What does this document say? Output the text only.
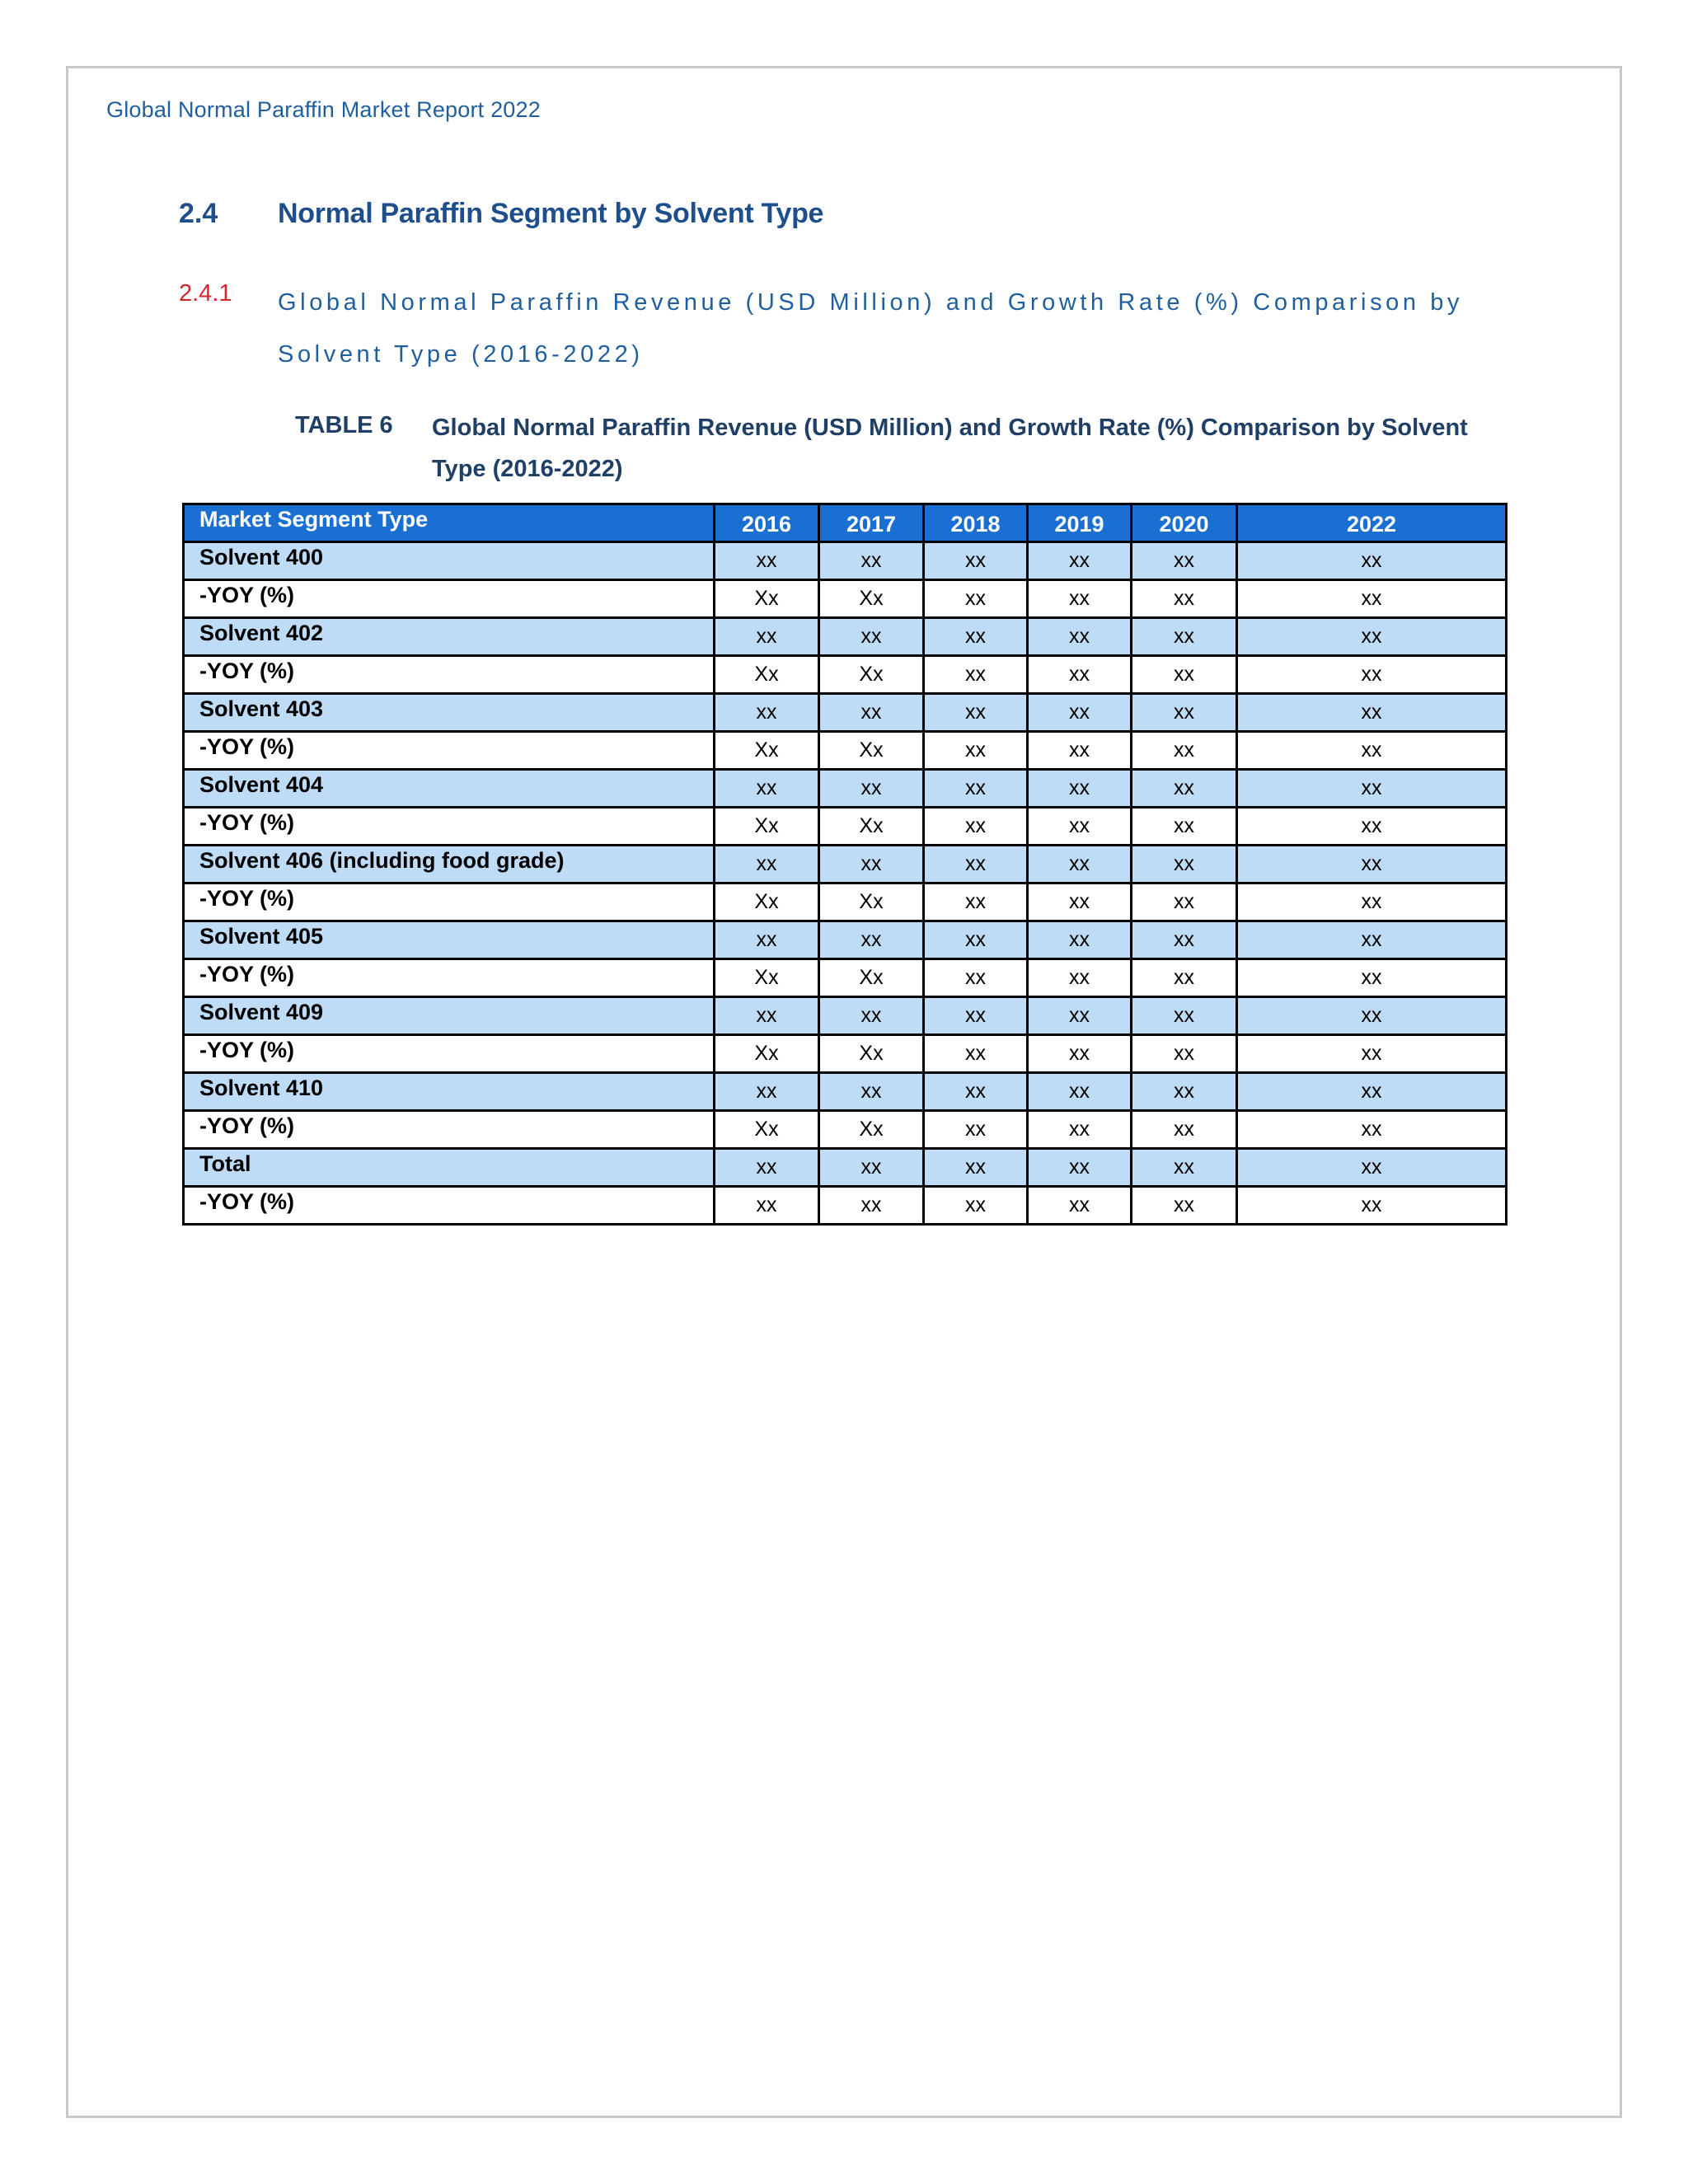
Global Normal Paraffin Market Report 2022
2.4 Normal Paraffin Segment by Solvent Type
2.4.1 Global Normal Paraffin Revenue (USD Million) and Growth Rate (%) Comparison by Solvent Type (2016-2022)
TABLE 6 Global Normal Paraffin Revenue (USD Million) and Growth Rate (%) Comparison by Solvent Type (2016-2022)
Market Segment Type	2016	2017	2018	2019	2020	2022
Solvent 400	xx	xx	xx	xx	xx	xx
-YOY (%)	Xx	Xx	xx	xx	xx	xx
Solvent 402	xx	xx	xx	xx	xx	xx
-YOY (%)	Xx	Xx	xx	xx	xx	xx
Solvent 403	xx	xx	xx	xx	xx	xx
-YOY (%)	Xx	Xx	xx	xx	xx	xx
Solvent 404	xx	xx	xx	xx	xx	xx
-YOY (%)	Xx	Xx	xx	xx	xx	xx
Solvent 406 (including food grade)	xx	xx	xx	xx	xx	xx
-YOY (%)	Xx	Xx	xx	xx	xx	xx
Solvent 405	xx	xx	xx	xx	xx	xx
-YOY (%)	Xx	Xx	xx	xx	xx	xx
Solvent 409	xx	xx	xx	xx	xx	xx
-YOY (%)	Xx	Xx	xx	xx	xx	xx
Solvent 410	xx	xx	xx	xx	xx	xx
-YOY (%)	Xx	Xx	xx	xx	xx	xx
Total	xx	xx	xx	xx	xx	xx
-YOY (%)	xx	xx	xx	xx	xx	xx
